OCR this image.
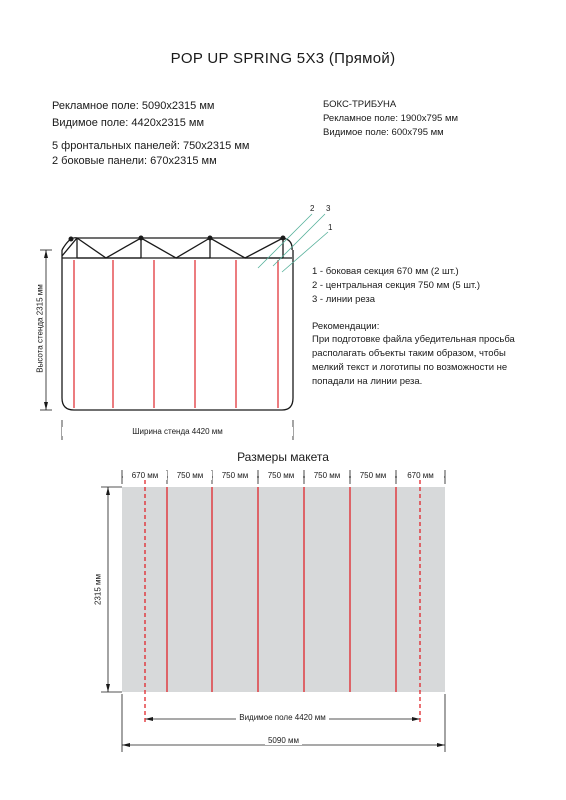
POP UP SPRING 5X3 (Прямой)
Рекламное поле: 5090х2315 мм
Видимое поле: 4420х2315 мм
5 фронтальных панелей: 750х2315 мм
2 боковые панели: 670х2315 мм
БОКС-ТРИБУНА
Рекламное поле: 1900х795 мм
Видимое поле: 600х795 мм
2 3
1
Высота стенда 2315 мм
Ширина стенда 4420 мм
1 - боковая секция 670 мм (2 шт.)
2 - центральная секция 750 мм (5 шт.)
3 - линии реза
Рекомендации:
При подготовке файла убедительная просьба располагать объекты таким образом, чтобы мелкий текст и логотипы по возможности не попадали на линии реза.
Размеры макета
670 мм	750 мм	750 мм	750 мм	750 мм	750 мм	670 мм
2315 мм
Видимое поле 4420 мм
5090 мм
